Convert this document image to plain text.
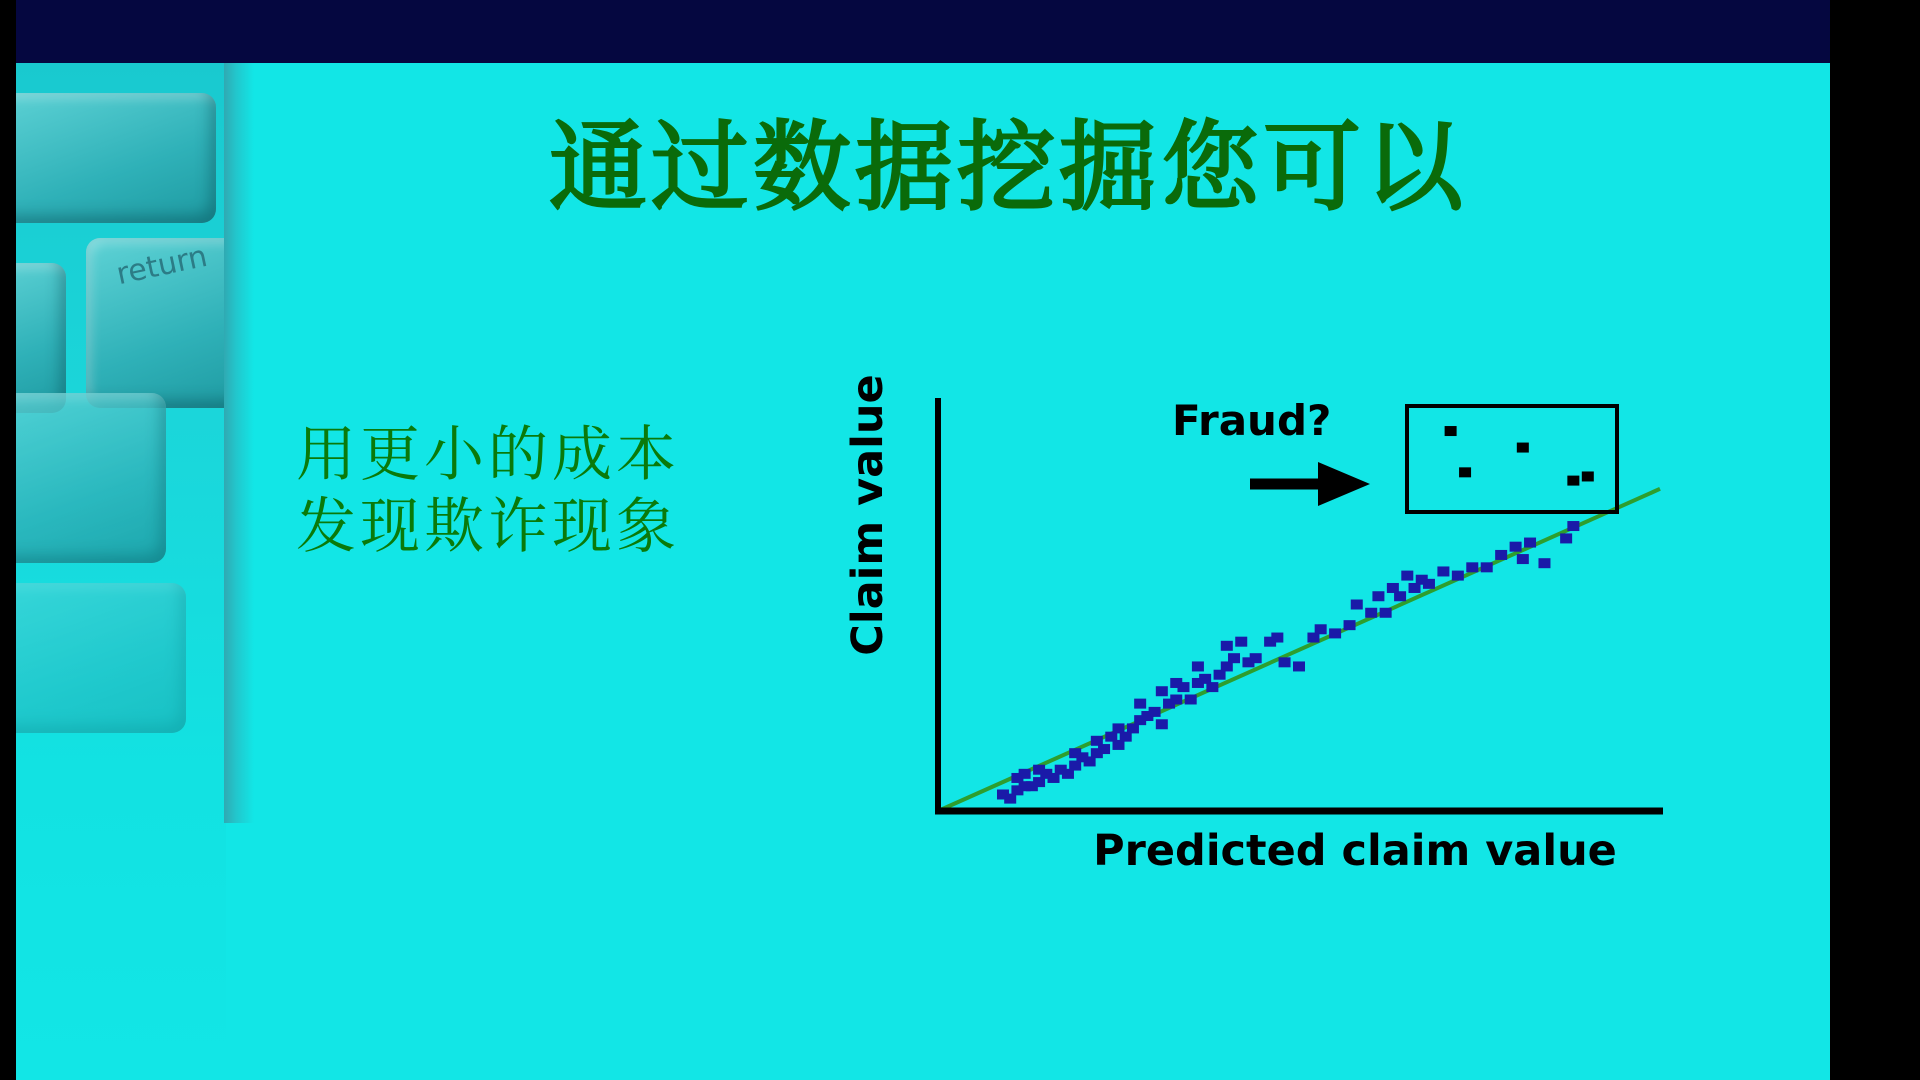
return
通过数据挖掘您可以
用更小的成本
发现欺诈现象
Fraud?
Predicted claim value
Claim value
